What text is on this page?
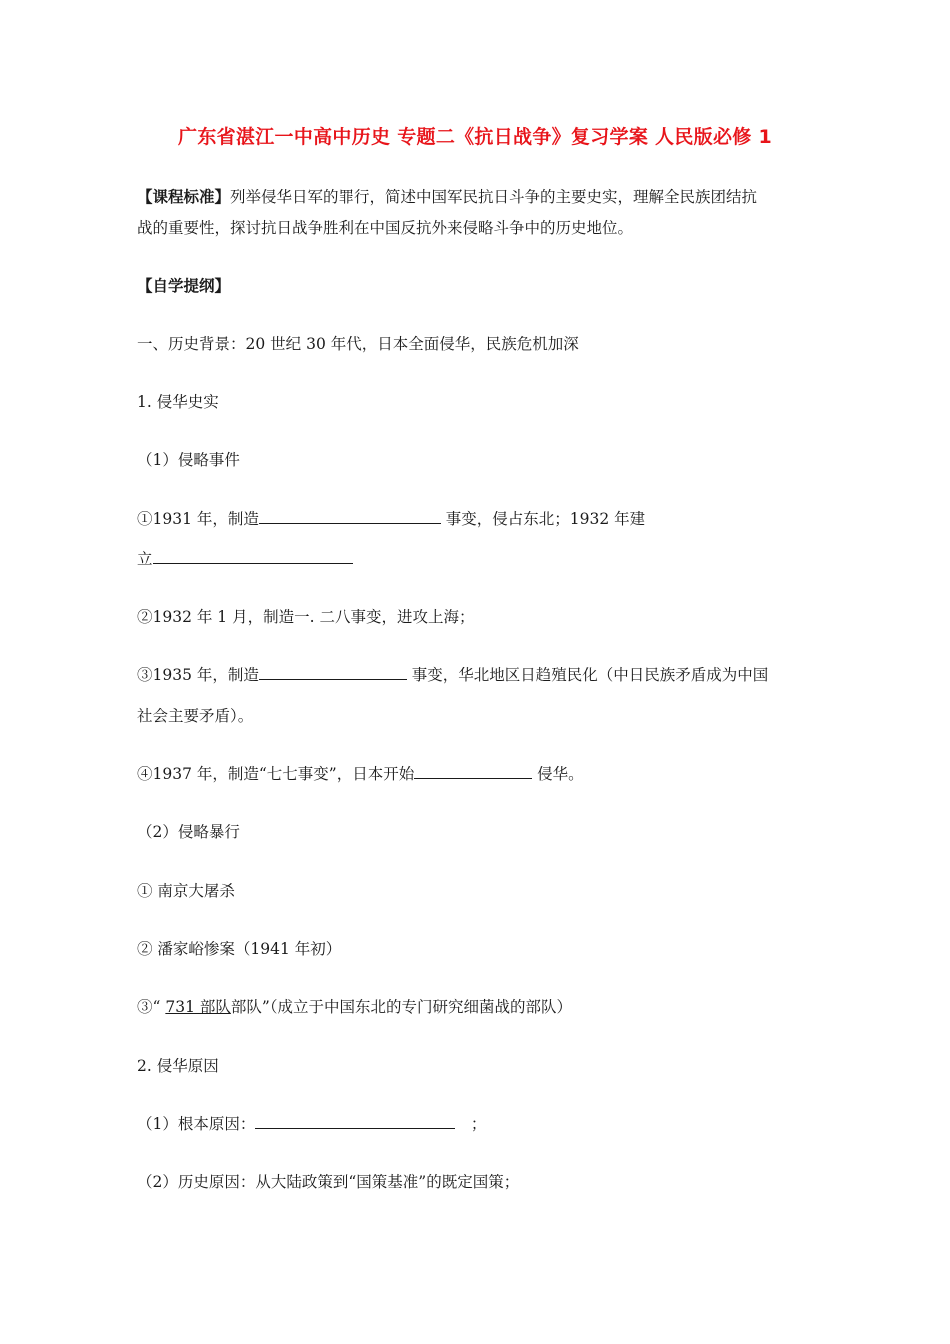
广东省湛江一中高中历史 专题二《抗日战争》复习学案 人民版必修 1
【课程标准】列举侵华日军的罪行，简述中国军民抗日斗争的主要史实，理解全民族团结抗
战的重要性，探讨抗日战争胜利在中国反抗外来侵略斗争中的历史地位。
【自学提纲】
一、历史背景：20 世纪 30 年代，日本全面侵华，民族危机加深
1. 侵华史实
（1）侵略事件
①1931 年，制造	事变，侵占东北；1932 年建
立
②1932 年 1 月，制造一. 二八事变，进攻上海；
③1935 年，制造	事变，华北地区日趋殖民化（中日民族矛盾成为中国
社会主要矛盾）。
④1937 年，制造“七七事变”，日本开始	侵华。
（2）侵略暴行
① 南京大屠杀
② 潘家峪惨案（1941 年初）
③“ 731 部队部队”（成立于中国东北的专门研究细菌战的部队）
2. 侵华原因
（1）根本原因：	　；
（2）历史原因：从大陆政策到“国策基准”的既定国策；
